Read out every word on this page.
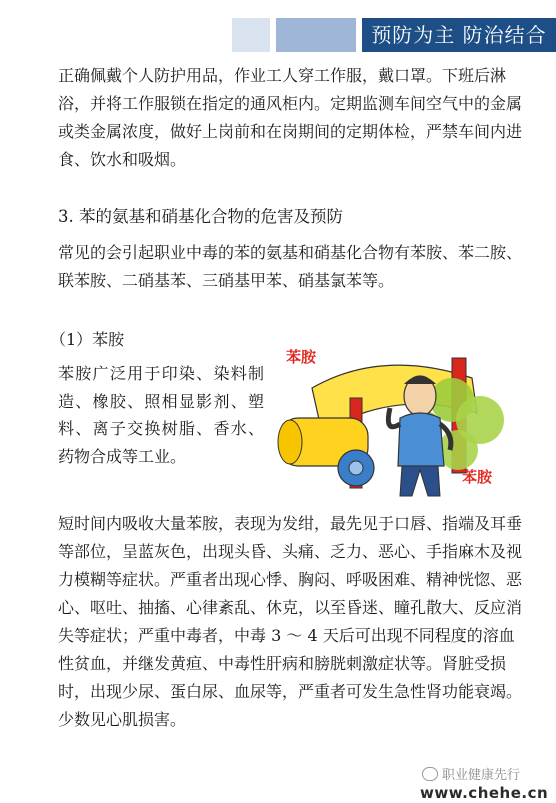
预防为主 防治结合

正确佩戴个人防护用品，作业工人穿工作服，戴口罩。下班后淋浴，并将工作服锁在指定的通风柜内。定期监测车间空气中的金属或类金属浓度，做好上岗前和在岗期间的定期体检，严禁车间内进食、饮水和吸烟。

3. 苯的氨基和硝基化合物的危害及预防

常见的会引起职业中毒的苯的氨基和硝基化合物有苯胺、苯二胺、联苯胺、二硝基苯、三硝基甲苯、硝基氯苯等。

（1）苯胺

苯胺广泛用于印染、染料制造、橡胶、照相显影剂、塑料、离子交换树脂、香水、药物合成等工业。

苯胺
苯胺

短时间内吸收大量苯胺，表现为发绀，最先见于口唇、指端及耳垂等部位，呈蓝灰色，出现头昏、头痛、乏力、恶心、手指麻木及视力模糊等症状。严重者出现心悸、胸闷、呼吸困难、精神恍惚、恶心、呕吐、抽搐、心律紊乱、休克，以至昏迷、瞳孔散大、反应消失等症状；严重中毒者，中毒 3 ～ 4 天后可出现不同程度的溶血性贫血，并继发黄疸、中毒性肝病和膀胱刺激症状等。肾脏受损时，出现少尿、蛋白尿、血尿等，严重者可发生急性肾功能衰竭。少数见心肌损害。

职业健康先行
www.chehe.cn
